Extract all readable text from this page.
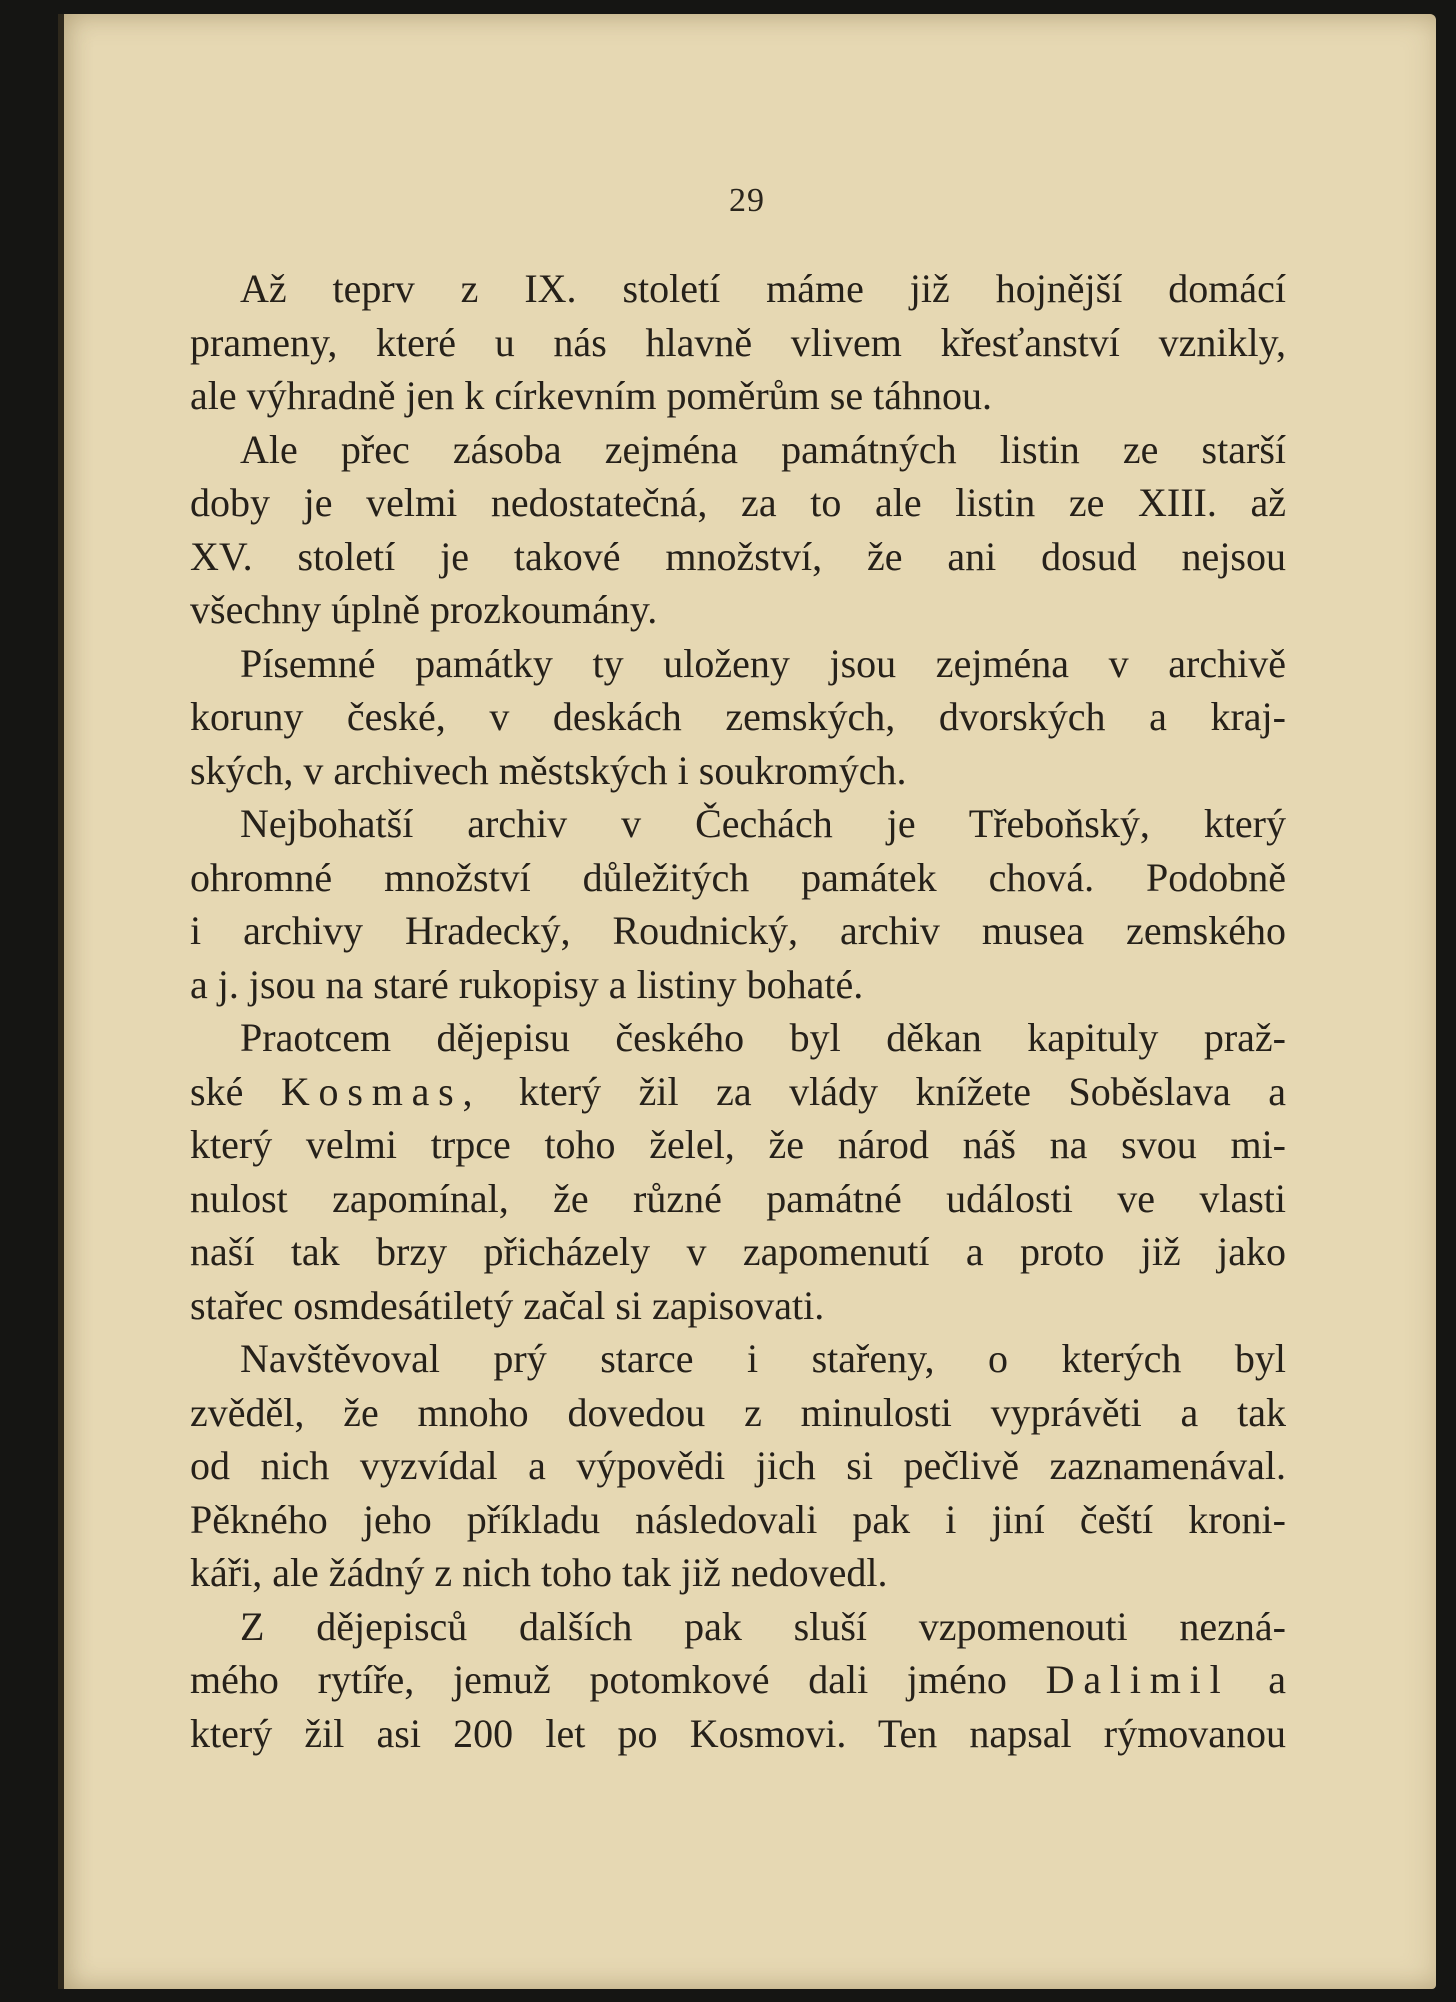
29
Až teprv z IX. století máme již hojnější domácí
prameny, které u nás hlavně vlivem křesťanství vznikly,
ale výhradně jen k církevním poměrům se táhnou.
Ale přec zásoba zejména památných listin ze starší
doby je velmi nedostatečná, za to ale listin ze XIII. až
XV. století je takové množství, že ani dosud nejsou
všechny úplně prozkoumány.
Písemné památky ty uloženy jsou zejména v archivě
koruny české, v deskách zemských, dvorských a kraj-
ských, v archivech městských i soukromých.
Nejbohatší archiv v Čechách je Třeboňský, který
ohromné množství důležitých památek chová. Podobně
i archivy Hradecký, Roudnický, archiv musea zemského
a j. jsou na staré rukopisy a listiny bohaté.
Praotcem dějepisu českého byl děkan kapituly praž-
ské Kosmas, který žil za vlády knížete Soběslava a
který velmi trpce toho želel, že národ náš na svou mi-
nulost zapomínal, že různé památné události ve vlasti
naší tak brzy přicházely v zapomenutí a proto již jako
stařec osmdesátiletý začal si zapisovati.
Navštěvoval prý starce i stařeny, o kterých byl
zvěděl, že mnoho dovedou z minulosti vyprávěti a tak
od nich vyzvídal a výpovědi jich si pečlivě zaznamenával.
Pěkného jeho příkladu následovali pak i jiní čeští kroni-
káři, ale žádný z nich toho tak již nedovedl.
Z dějepisců dalších pak sluší vzpomenouti nezná-
mého rytíře, jemuž potomkové dali jméno Dalimil a
který žil asi 200 let po Kosmovi. Ten napsal rýmovanou
